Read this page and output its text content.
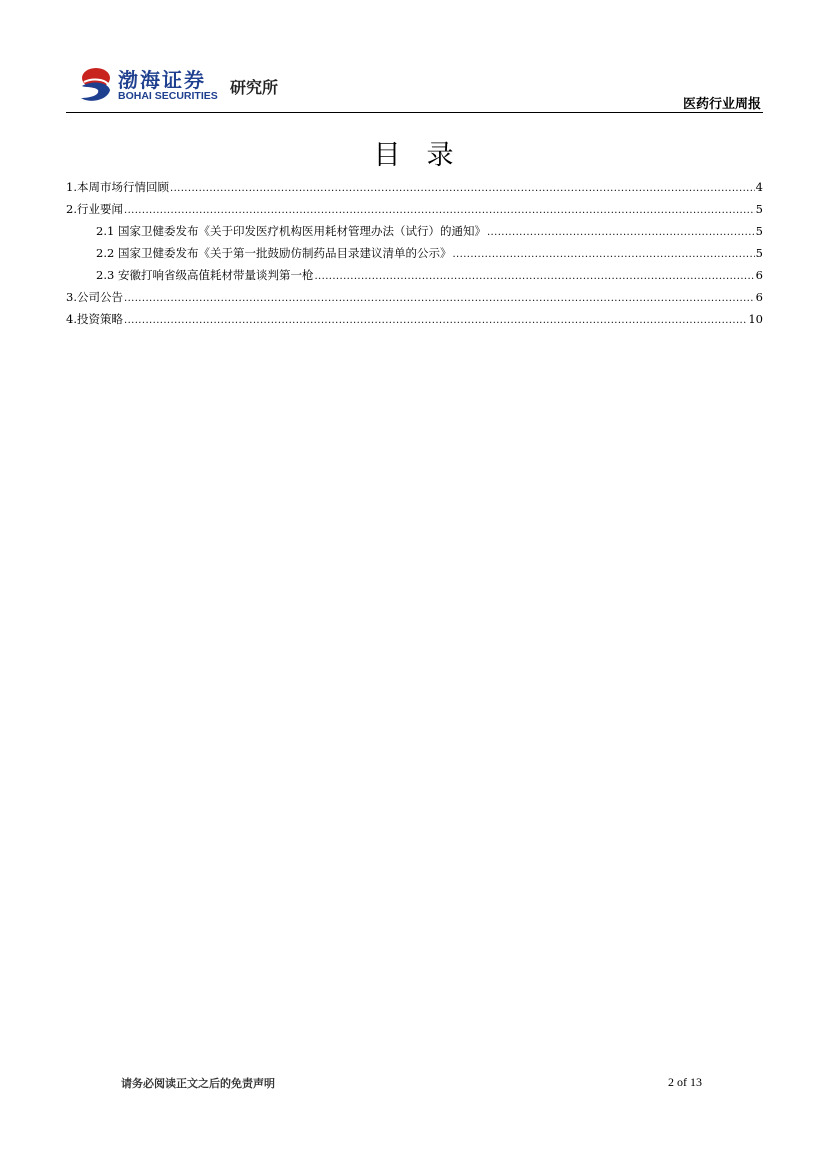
渤海证券
BOHAI SECURITIES 研究所
医药行业周报
目录
1.本周市场行情回顾 .....	4
2.行业要闻 .....	5
2.1 国家卫健委发布《关于印发医疗机构医用耗材管理办法（试行）的通知》 .....	5
2.2 国家卫健委发布《关于第一批鼓励仿制药品目录建议清单的公示》 .....	5
2.3 安徽打响省级高值耗材带量谈判第一枪 .....	6
3.公司公告 .....	6
4.投资策略 .....	10
请务必阅读正文之后的免责声明	2 of 13
